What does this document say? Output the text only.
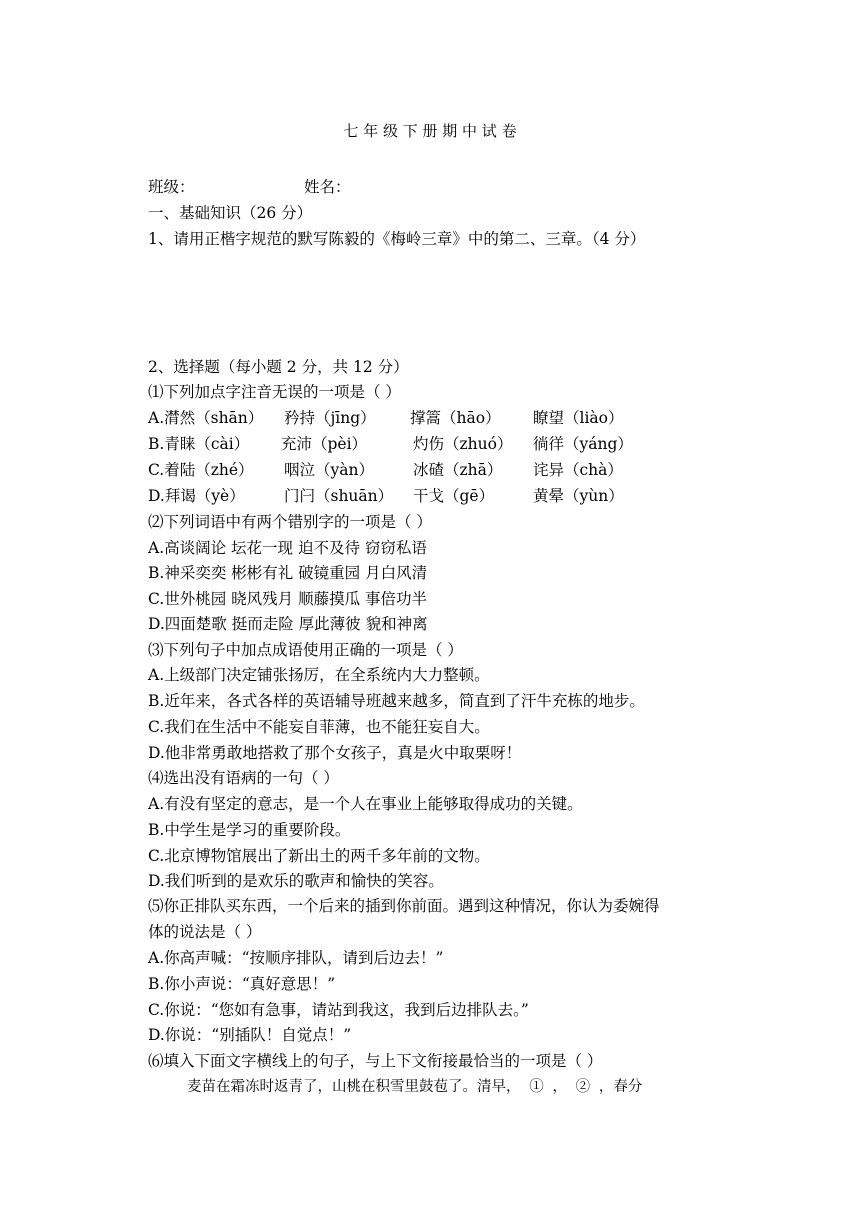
七 年 级 下 册 期 中 试 卷
班级：	姓名：
一、基础知识（26 分）
1、请用正楷字规范的默写陈毅的《梅岭三章》中的第二、三章。（4 分）
2、选择题（每小题 2 分，共 12 分）
⑴下列加点字注音无误的一项是（ ）
A.潸然（shān） 矜持（jīng） 撑篙（hāo） 瞭望（liào）
B.青睐（cài） 充沛（pèi）	灼伤（zhuó） 徜徉（yáng）
C.着陆（zhé） 咽泣（yàn）	冰碴（zhā） 诧异（chà）
D.拜谒（yè）	门闩（shuān） 干戈（gē）	黄晕（yùn）
⑵下列词语中有两个错别字的一项是（ ）
A.高谈阔论 坛花一现 迫不及待 窃窃私语
B.神采奕奕 彬彬有礼 破镜重园 月白风清
C.世外桃园 晓风残月 顺藤摸瓜 事倍功半
D.四面楚歌 挺而走险 厚此薄彼 貌和神离
⑶下列句子中加点成语使用正确的一项是（ ）
A.上级部门决定铺张扬厉，在全系统内大力整顿。
B.近年来，各式各样的英语辅导班越来越多，简直到了汗牛充栋的地步。
C.我们在生活中不能妄自菲薄，也不能狂妄自大。
D.他非常勇敢地搭救了那个女孩子，真是火中取栗呀！
⑷选出没有语病的一句（ ）
A.有没有坚定的意志，是一个人在事业上能够取得成功的关键。
B.中学生是学习的重要阶段。
C.北京博物馆展出了新出土的两千多年前的文物。
D.我们听到的是欢乐的歌声和愉快的笑容。
⑸你正排队买东西，一个后来的插到你前面。遇到这种情况，你认为委婉得
体的说法是（ ）
A.你高声喊：“按顺序排队，请到后边去！”
B.你小声说：“真好意思！”
C.你说：“您如有急事，请站到我这，我到后边排队去。”
D.你说：“别插队！自觉点！”
⑹填入下面文字横线上的句子，与上下文衔接最恰当的一项是（ ）
麦苗在霜冻时返青了，山桃在积雪里鼓苞了。清早， ① ， ② ，春分
